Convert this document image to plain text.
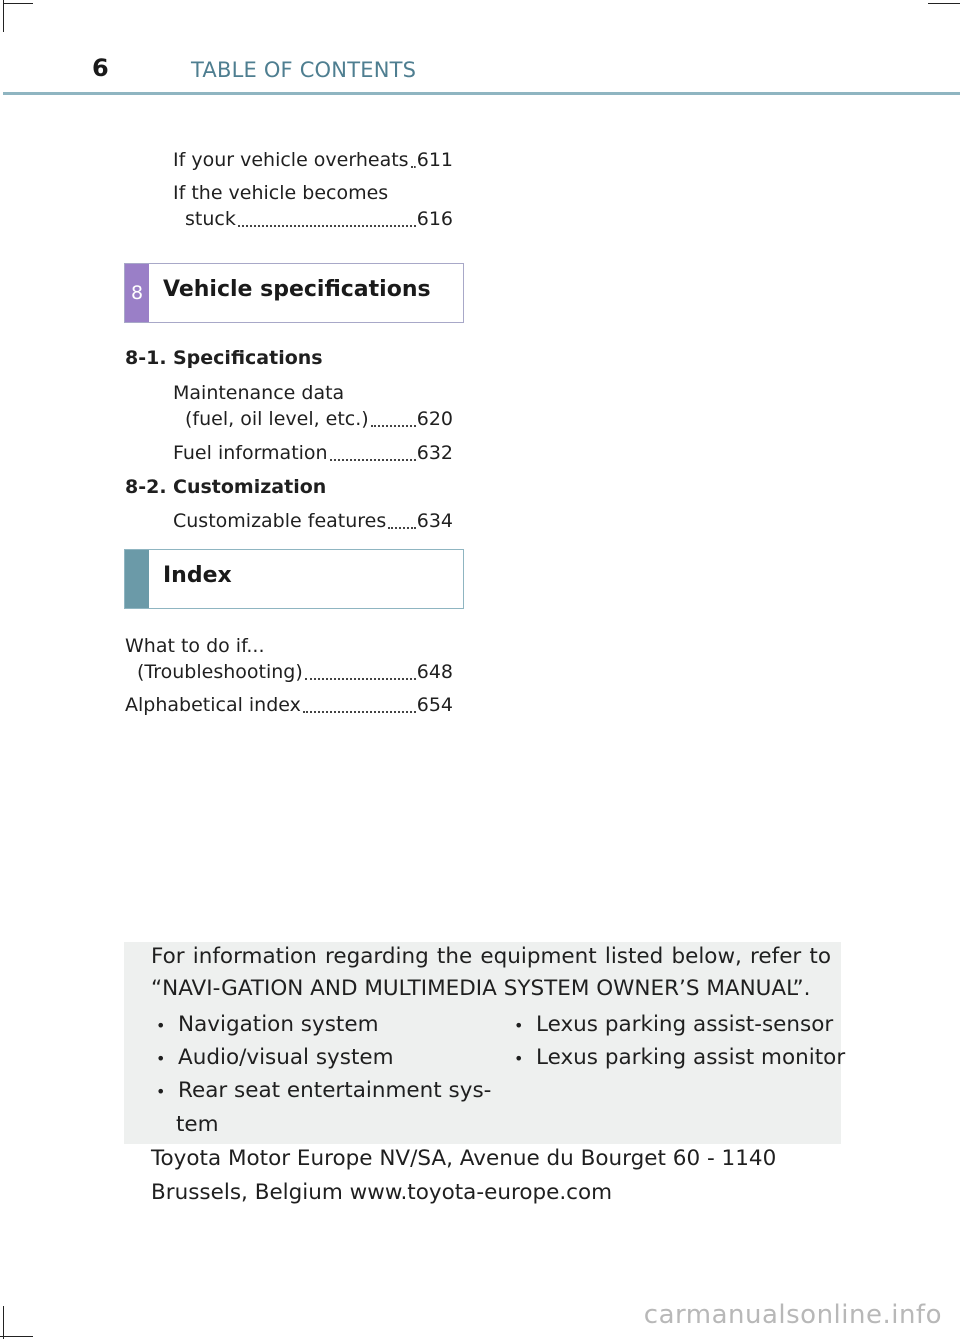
6	TABLE OF CONTENTS
If your vehicle overheats 611
If the vehicle becomes
stuck	616
8 Vehicle specifications
8-1. Specifications
Maintenance data
(fuel, oil level, etc.)	620
Fuel information	632
8-2. Customization
Customizable features 634
Index
What to do if...
(Troubleshooting)	648
Alphabetical index	654
For information regarding the equipment listed below, refer to “NAVI-GATION AND MULTIMEDIA SYSTEM OWNER’S MANUAL”.
• Navigation system
• Audio/visual system
• Rear seat entertainment sys-
tem
• Lexus parking assist-sensor
• Lexus parking assist monitor
Toyota Motor Europe NV/SA, Avenue du Bourget 60 - 1140 Brussels, Belgium www.toyota-europe.com
carmanualsonline.info
